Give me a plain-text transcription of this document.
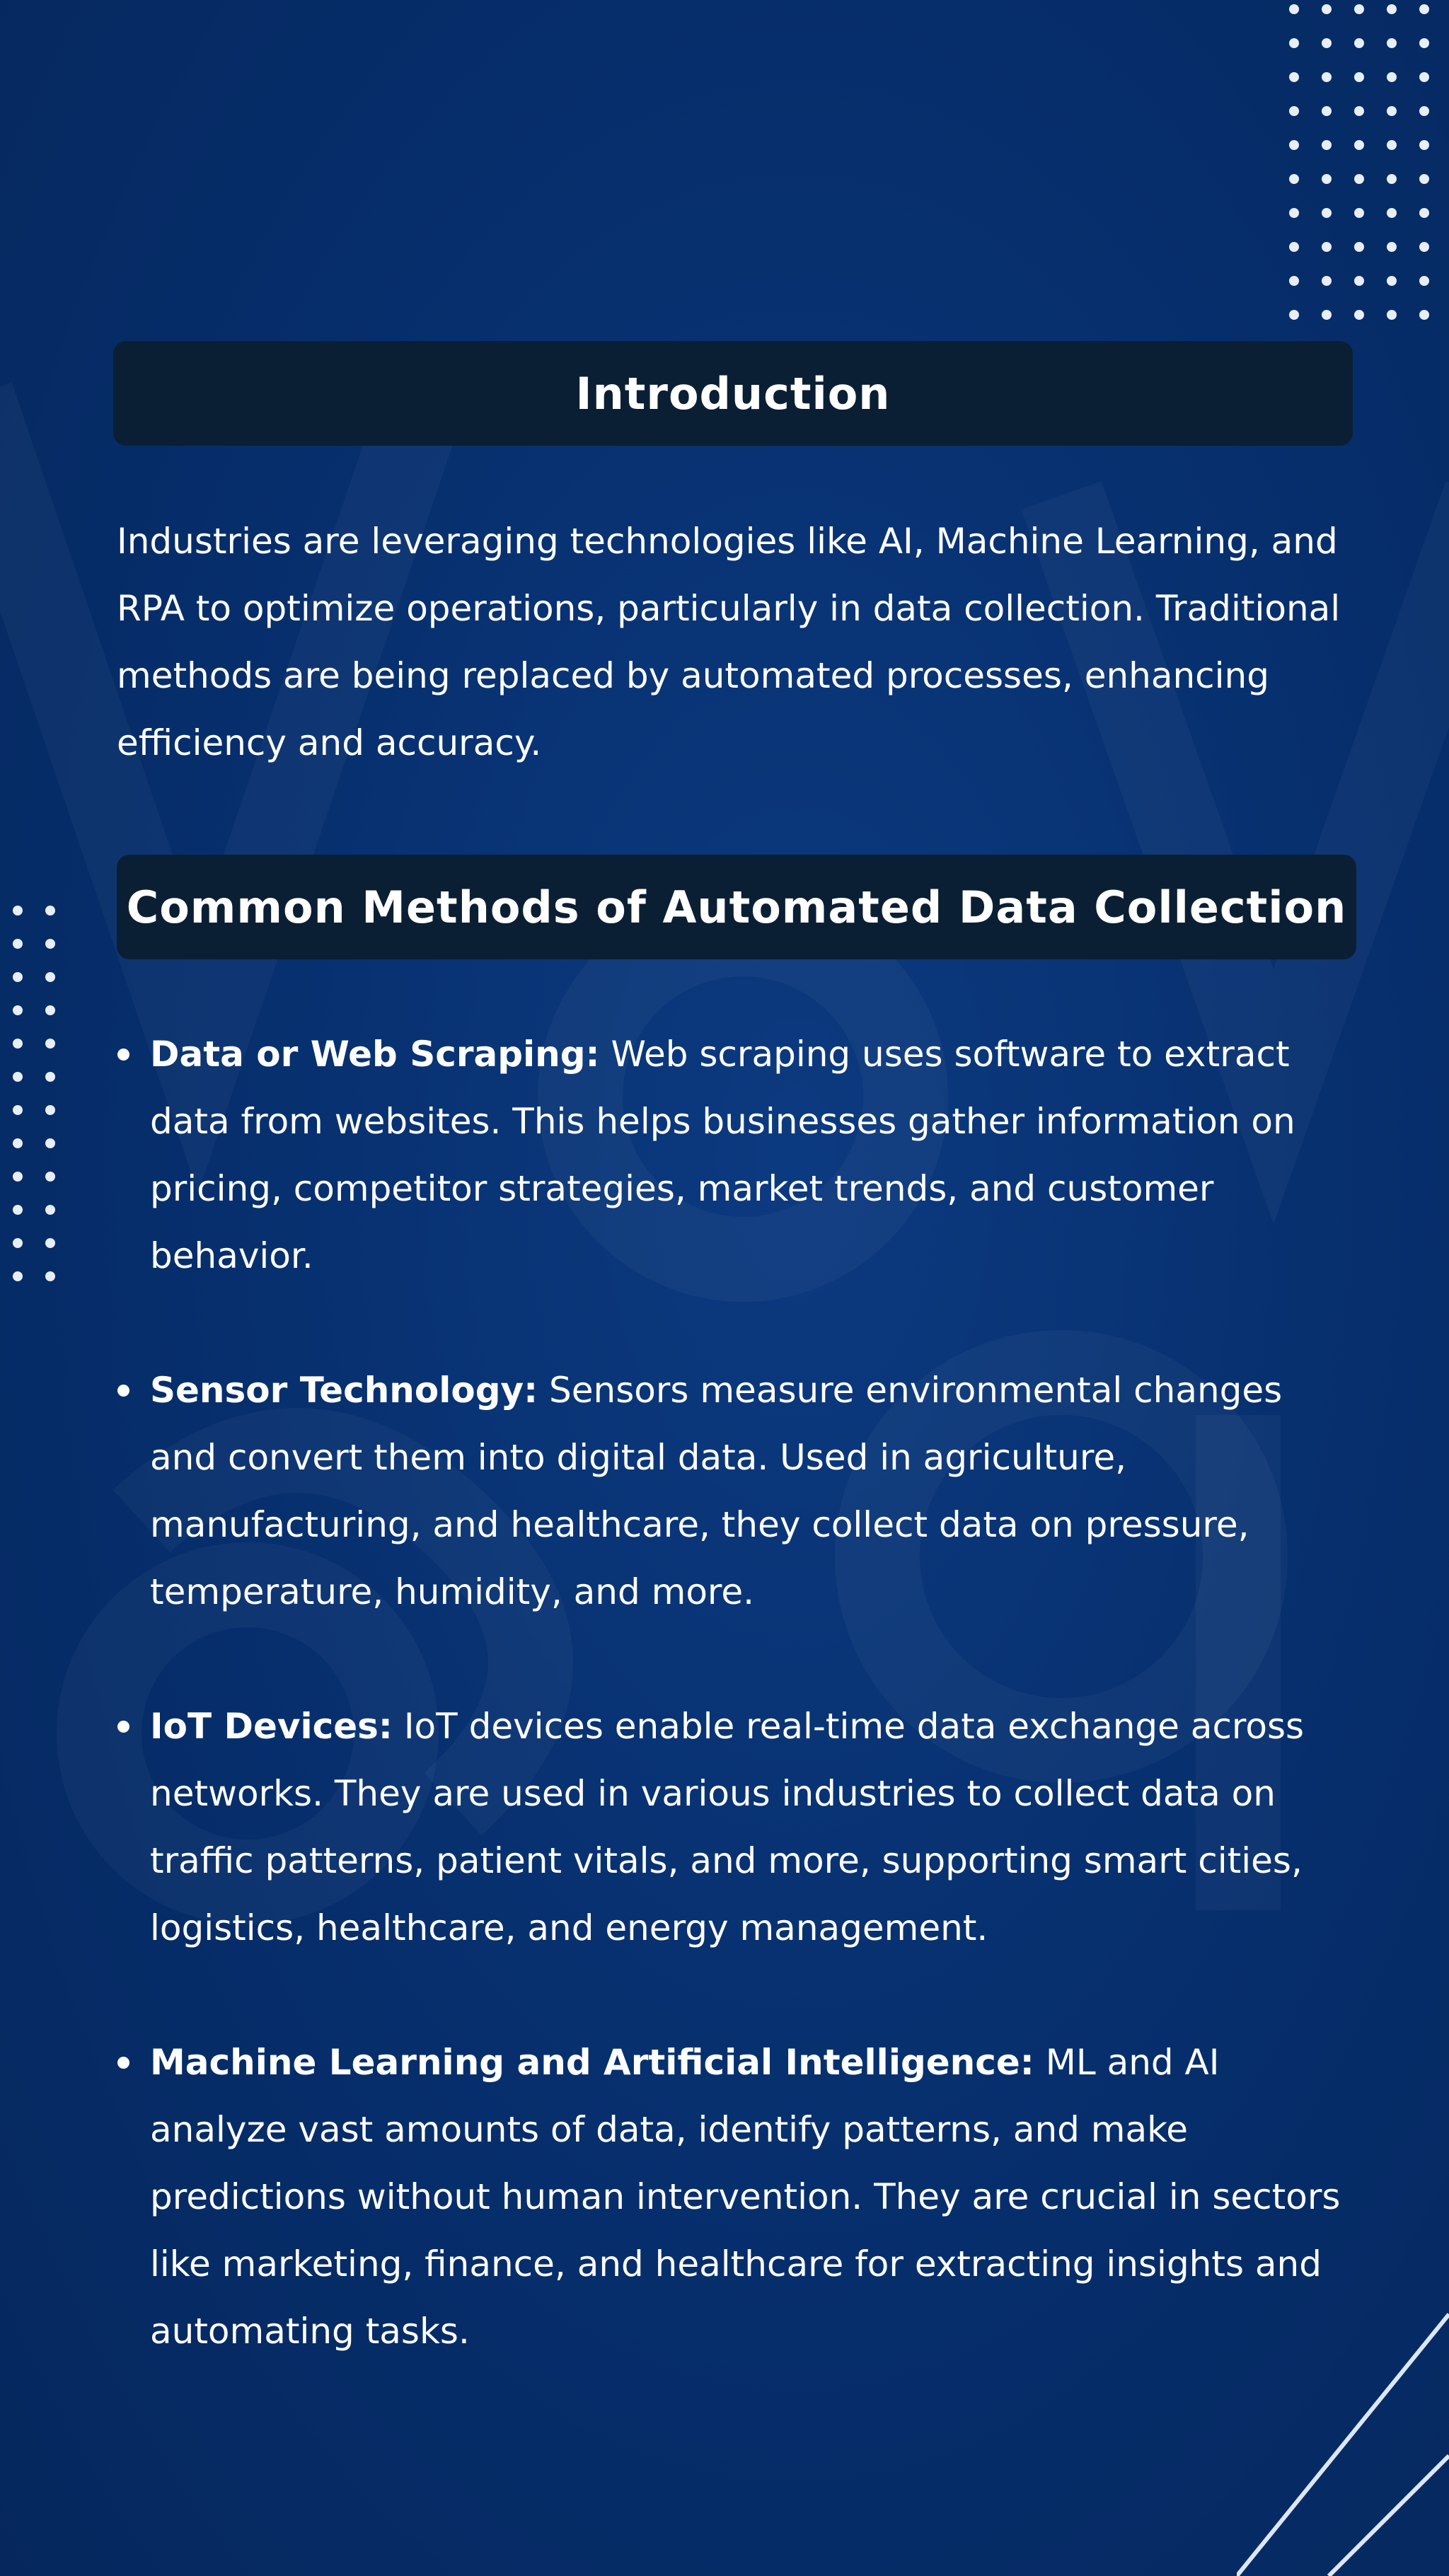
Introduction

Industries are leveraging technologies like AI, Machine Learning, and RPA to optimize operations, particularly in data collection. Traditional methods are being replaced by automated processes, enhancing efficiency and accuracy.

Common Methods of Automated Data Collection
Data or Web Scraping: Web scraping uses software to extract data from websites. This helps businesses gather information on pricing, competitor strategies, market trends, and customer behavior.
Sensor Technology: Sensors measure environmental changes and convert them into digital data. Used in agriculture, manufacturing, and healthcare, they collect data on pressure, temperature, humidity, and more.
IoT Devices: IoT devices enable real-time data exchange across networks. They are used in various industries to collect data on traffic patterns, patient vitals, and more, supporting smart cities, logistics, healthcare, and energy management.
Machine Learning and Artificial Intelligence: ML and AI analyze vast amounts of data, identify patterns, and make predictions without human intervention. They are crucial in sectors like marketing, finance, and healthcare for extracting insights and automating tasks.
